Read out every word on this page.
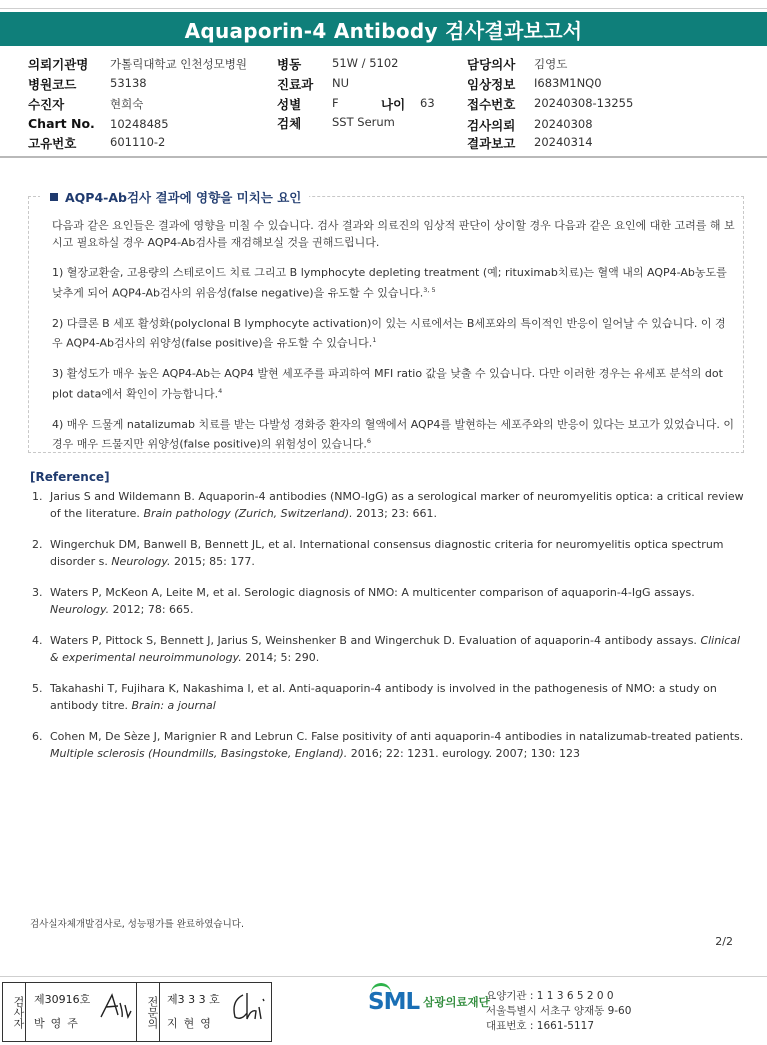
Aquaporin-4 Antibody 검사결과보고서
의뢰기관명 가톨릭대학교 인천성모병원
병원코드	53138
수진자	현희숙
Chart No. 10248485
고유번호	601110-2
병동	51W / 5102
진료과 NU
성별	F	나이 63
검체	SST Serum
담당의사 김영도
임상정보 I683M1NQ0
접수번호 20240308-13255
검사의뢰 20240308
결과보고 20240314
AQP4-Ab검사 결과에 영향을 미치는 요인

다음과 같은 요인들은 결과에 영향을 미칠 수 있습니다. 검사 결과와 의료진의 임상적 판단이 상이할 경우 다음과 같은 요인에 대한 고려를 해 보시고 필요하실 경우 AQP4-Ab검사를 재검해보실 것을 권해드립니다.

1) 혈장교환술, 고용량의 스테로이드 치료 그리고 B lymphocyte depleting treatment (예; rituximab치료)는 혈액 내의 AQP4-Ab농도를 낮추게 되어 AQP4-Ab검사의 위음성(false negative)을 유도할 수 있습니다.$^{3, 5}$

2) 다클론 B 세포 활성화(polyclonal B lymphocyte activation)이 있는 시료에서는 B세포와의 특이적인 반응이 일어날 수 있습니다. 이 경우 AQP4-Ab검사의 위양성(false positive)을 유도할 수 있습니다.$^1$

3) 활성도가 매우 높은 AQP4-Ab는 AQP4 발현 세포주를 파괴하여 MFI ratio 값을 낮출 수 있습니다. 다만 이러한 경우는 유세포 분석의 dot plot data에서 확인이 가능합니다.$^4$

4) 매우 드물게 natalizumab 치료를 받는 다발성 경화증 환자의 혈액에서 AQP4를 발현하는 세포주와의 반응이 있다는 보고가 있었습니다. 이 경우 매우 드물지만 위양성(false positive)의 위험성이 있습니다.$^6$

[Reference]
1. Jarius S and Wildemann B. Aquaporin-4 antibodies (NMO-IgG) as a serological marker of neuromyelitis optica: a critical review of the literature. Brain pathology (Zurich, Switzerland). 2013; 23: 661.
2. Wingerchuk DM, Banwell B, Bennett JL, et al. International consensus diagnostic criteria for neuromyelitis optica spectrum disorder s. Neurology. 2015; 85: 177.
3. Waters P, McKeon A, Leite M, et al. Serologic diagnosis of NMO: A multicenter comparison of aquaporin-4-IgG assays. Neurology. 2012; 78: 665.
4. Waters P, Pittock S, Bennett J, Jarius S, Weinshenker B and Wingerchuk D. Evaluation of aquaporin-4 antibody assays. Clinical & experimental neuroimmunology. 2014; 5: 290.
5. Takahashi T, Fujihara K, Nakashima I, et al. Anti-aquaporin-4 antibody is involved in the pathogenesis of NMO: a study on antibody titre. Brain: a journal
6. Cohen M, De Sèze J, Marignier R and Lebrun C. False positivity of anti aquaporin-4 antibodies in natalizumab-treated patients. Multiple sclerosis (Houndmills, Basingstoke, England). 2016; 22: 1231. eurology. 2007; 130: 123
검사실자체개발검사로, 성능평가를 완료하였습니다.
2/2
검사자 제30916호
박영주	전문의 제3 3 3 호
지현영
SML 삼광의료재단
요양기관 : 1 1 3 6 5 2 0 0
서울특별시 서초구 양재동 9-60
대표번호 : 1661-5117
